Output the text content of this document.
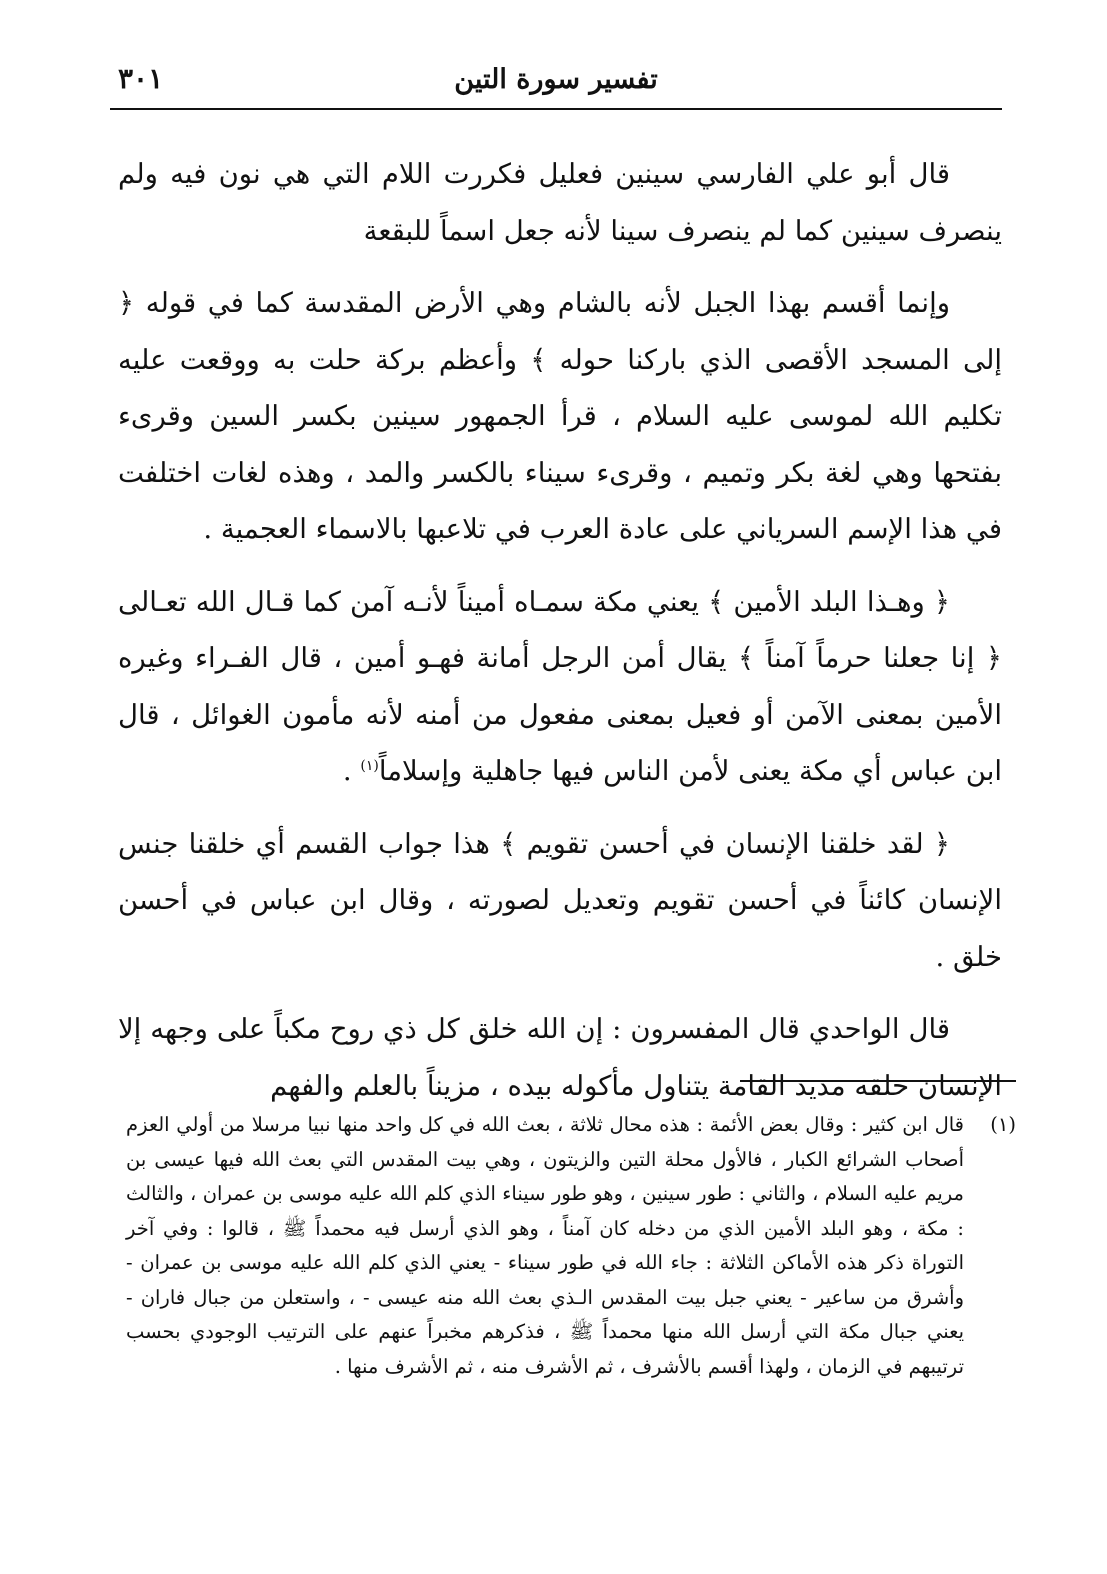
٣٠١	تفسير سورة التين

قال أبو علي الفارسي سينين فعليل فكررت اللام التي هي نون فيه ولم ينصرف سينين كما لم ينصرف سينا لأنه جعل اسماً للبقعة

وإنما أقسم بهذا الجبل لأنه بالشام وهي الأرض المقدسة كما في قوله ﴿ إلى المسجد الأقصى الذي باركنا حوله ﴾ وأعظم بركة حلت به ووقعت عليه تكليم الله لموسى عليه السلام ، قرأ الجمهور سينين بكسر السين وقرىء بفتحها وهي لغة بكر وتميم ، وقرىء سيناء بالكسر والمد ، وهذه لغات اختلفت في هذا الإسم السرياني على عادة العرب في تلاعبها بالاسماء العجمية .

﴿ وهـذا البلد الأمين ﴾ يعني مكة سمـاه أميناً لأنـه آمن كما قـال الله تعـالى ﴿ إنا جعلنا حرماً آمناً ﴾ يقال أمن الرجل أمانة فهـو أمين ، قال الفـراء وغيره الأمين بمعنى الآمن أو فعيل بمعنى مفعول من أمنه لأنه مأمون الغوائل ، قال ابن عباس أي مكة يعنى لأمن الناس فيها جاهلية وإسلاماً$^{(١)}$ .

﴿ لقد خلقنا الإنسان في أحسن تقويم ﴾ هذا جواب القسم أي خلقنا جنس الإنسان كائناً في أحسن تقويم وتعديل لصورته ، وقال ابن عباس في أحسن خلق .

قال الواحدي قال المفسرون : إن الله خلق كل ذي روح مكباً على وجهه إلا الإنسان خلقه مديد القامة يتناول مأكوله بيده ، مزيناً بالعلم والفهم

(١)
قال ابن كثير : وقال بعض الأئمة : هذه محال ثلاثة ، بعث الله في كل واحد منها نبيا مرسلا من أولي العزم أصحاب الشرائع الكبار ، فالأول محلة التين والزيتون ، وهي بيت المقدس التي بعث الله فيها عيسى بن مريم عليه السلام ، والثاني : طور سينين ، وهو طور سيناء الذي كلم الله عليه موسى بن عمران ، والثالث : مكة ، وهو البلد الأمين الذي من دخله كان آمناً ، وهو الذي أرسل فيه محمداً ﷺ ، قالوا : وفي آخر التوراة ذكر هذه الأماكن الثلاثة : جاء الله في طور سيناء - يعني الذي كلم الله عليه موسى بن عمران - وأشرق من ساعير - يعني جبل بيت المقدس الـذي بعث الله منه عيسى - ، واستعلن من جبال فاران - يعني جبال مكة التي أرسل الله منها محمداً ﷺ ، فذكرهم مخبراً عنهم على الترتيب الوجودي بحسب ترتيبهم في الزمان ، ولهذا أقسم بالأشرف ، ثم الأشرف منه ، ثم الأشرف منها .
